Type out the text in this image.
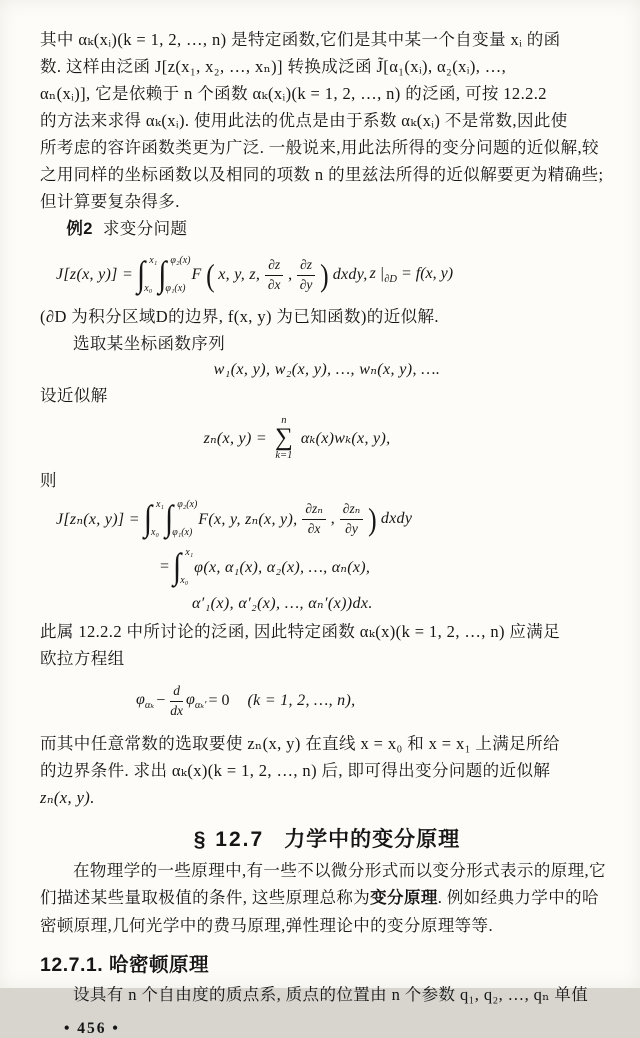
其中 αₖ(xᵢ)(k = 1, 2, …, n) 是特定函数,它们是其中某一个自变量 xᵢ 的函
数. 这样由泛函 J[z(x₁, x₂, …, xₙ)] 转换成泛函 J̃[α₁(xᵢ), α₂(xᵢ), …,
αₙ(xᵢ)], 它是依赖于 n 个函数 αₖ(xᵢ)(k = 1, 2, …, n) 的泛函, 可按 12.2.2
的方法来求得 αₖ(xᵢ). 使用此法的优点是由于系数 αₖ(xᵢ) 不是常数,因此使
所考虑的容许函数类更为广泛. 一般说来,用此法所得的变分问题的近似解,较
之用同样的坐标函数以及相同的项数 n 的里兹法所得的近似解要更为精确些;
但计算要复杂得多.
例2 求变分问题
J[z(x, y)] = ∫ x₁
x₀ ∫ φ₂(x)
φ₁(x)
F ( x, y, z, $\frac{\partial z}{\partial x}$ , $\frac{\partial z}{\partial y}$ ) dxdy, z $|_{\partial D} = f(x$, y)
(∂D 为积分区域D的边界, f(x, y) 为已知函数)的近似解.
选取某坐标函数序列
w₁(x, y), w₂(x, y), …, wₙ(x, y), ….
设近似解
zₙ(x, y) =
n
∑
k=1
αₖ(x)wₖ(x, y),
则
J[zₙ(x, y)] = ∫ x₁
x₀ ∫ φ₂(x)
φ₁(x)
F(x, y, zₙ(x, y), $\frac{\text{∂zₙ}}{\partial x}$ , $\frac{\text{∂zₙ}}{\partial y}$ ) dxdy
= ∫ x₁
x₀
φ(x, α₁(x), α₂(x), …, αₙ(x),
α′₁(x), α′₂(x), …, αₙ′(x))dx.
此属 12.2.2 中所讨论的泛函, 因此特定函数 αₖ(x)(k = 1, 2, …, n) 应满足
欧拉方程组
$\varphi_{\alpha_k} - \frac{d}{dx} \varphi_{\alpha_k'} = 0$ (k = 1, 2, …, n),
而其中任意常数的选取要使 zₙ(x, y) 在直线 x = x₀ 和 x = x₁ 上满足所给
的边界条件. 求出 αₖ(x)(k = 1, 2, …, n) 后, 即可得出变分问题的近似解
zₙ(x, y).
§ 12.7 力学中的变分原理
在物理学的一些原理中,有一些不以微分形式而以变分形式表示的原理,它
们描述某些量取极值的条件, 这些原理总称为变分原理. 例如经典力学中的哈
密顿原理,几何光学中的费马原理,弹性理论中的变分原理等等.
12.7.1. 哈密顿原理
设具有 n 个自由度的质点系, 质点的位置由 n 个参数 q₁, q₂, …, qₙ 单值
• 456 •
